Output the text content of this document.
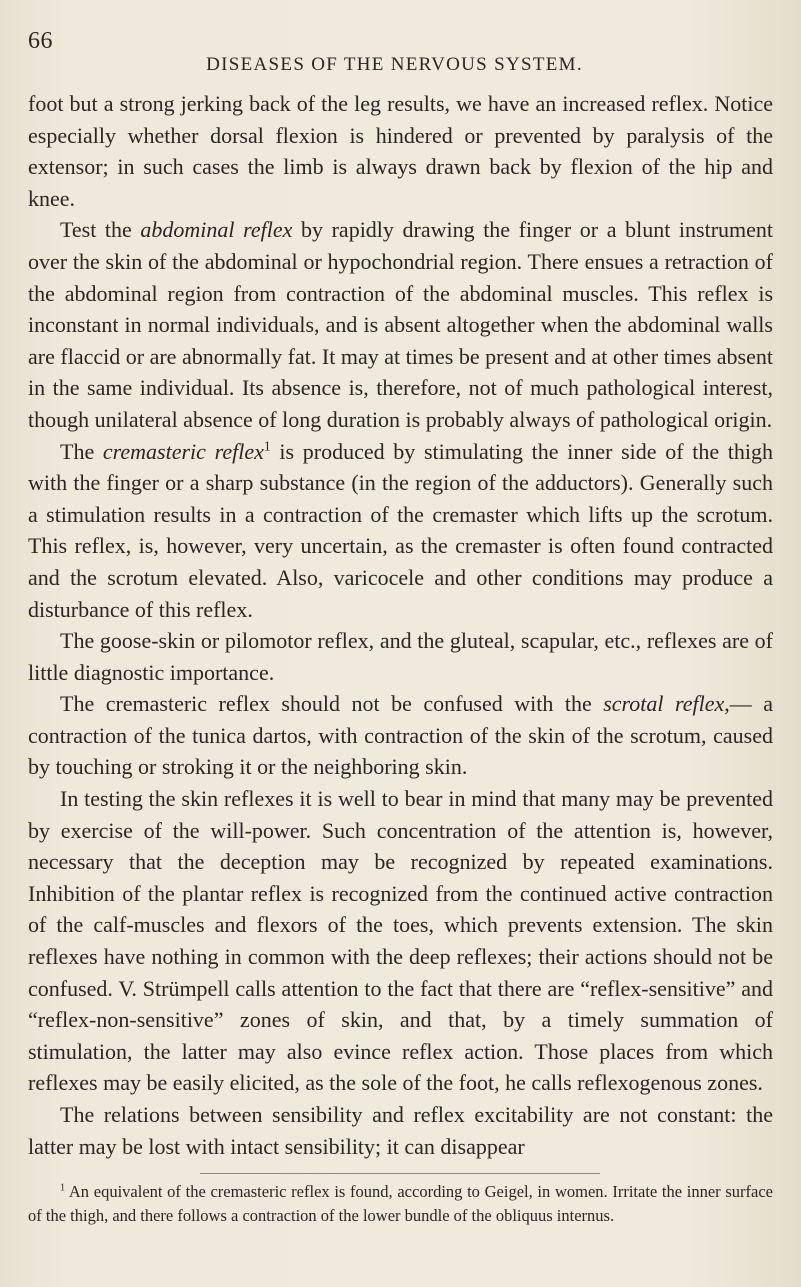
66
DISEASES OF THE NERVOUS SYSTEM.

foot but a strong jerking back of the leg results, we have an increased reflex. Notice especially whether dorsal flexion is hindered or prevented by paralysis of the extensor; in such cases the limb is always drawn back by flexion of the hip and knee.

Test the abdominal reflex by rapidly drawing the finger or a blunt instrument over the skin of the abdominal or hypochondrial region. There ensues a retraction of the abdominal region from contraction of the abdominal muscles. This reflex is inconstant in normal individuals, and is absent altogether when the abdominal walls are flaccid or are abnormally fat. It may at times be present and at other times absent in the same individual. Its absence is, therefore, not of much pathological interest, though unilateral absence of long duration is probably always of pathological origin.

The cremasteric reflex$^1$ is produced by stimulating the inner side of the thigh with the finger or a sharp substance (in the region of the adductors). Generally such a stimulation results in a contraction of the cremaster which lifts up the scrotum. This reflex, is, however, very uncertain, as the cremaster is often found contracted and the scrotum elevated. Also, varicocele and other conditions may produce a disturbance of this reflex.

The goose-skin or pilomotor reflex, and the gluteal, scapular, etc., reflexes are of little diagnostic importance.

The cremasteric reflex should not be confused with the scrotal reflex,— a contraction of the tunica dartos, with contraction of the skin of the scrotum, caused by touching or stroking it or the neighboring skin.

In testing the skin reflexes it is well to bear in mind that many may be prevented by exercise of the will-power. Such concentration of the attention is, however, necessary that the deception may be recognized by repeated examinations. Inhibition of the plantar reflex is recognized from the continued active contraction of the calf-muscles and flexors of the toes, which prevents extension. The skin reflexes have nothing in common with the deep reflexes; their actions should not be confused. V. Strümpell calls attention to the fact that there are “reflex-sensitive” and “reflex-non-sensitive” zones of skin, and that, by a timely summation of stimulation, the latter may also evince reflex action. Those places from which reflexes may be easily elicited, as the sole of the foot, he calls reflexogenous zones.

The relations between sensibility and reflex excitability are not constant: the latter may be lost with intact sensibility; it can disappear

$^1$ An equivalent of the cremasteric reflex is found, according to Geigel, in women. Irritate the inner surface of the thigh, and there follows a contraction of the lower bundle of the obliquus internus.
